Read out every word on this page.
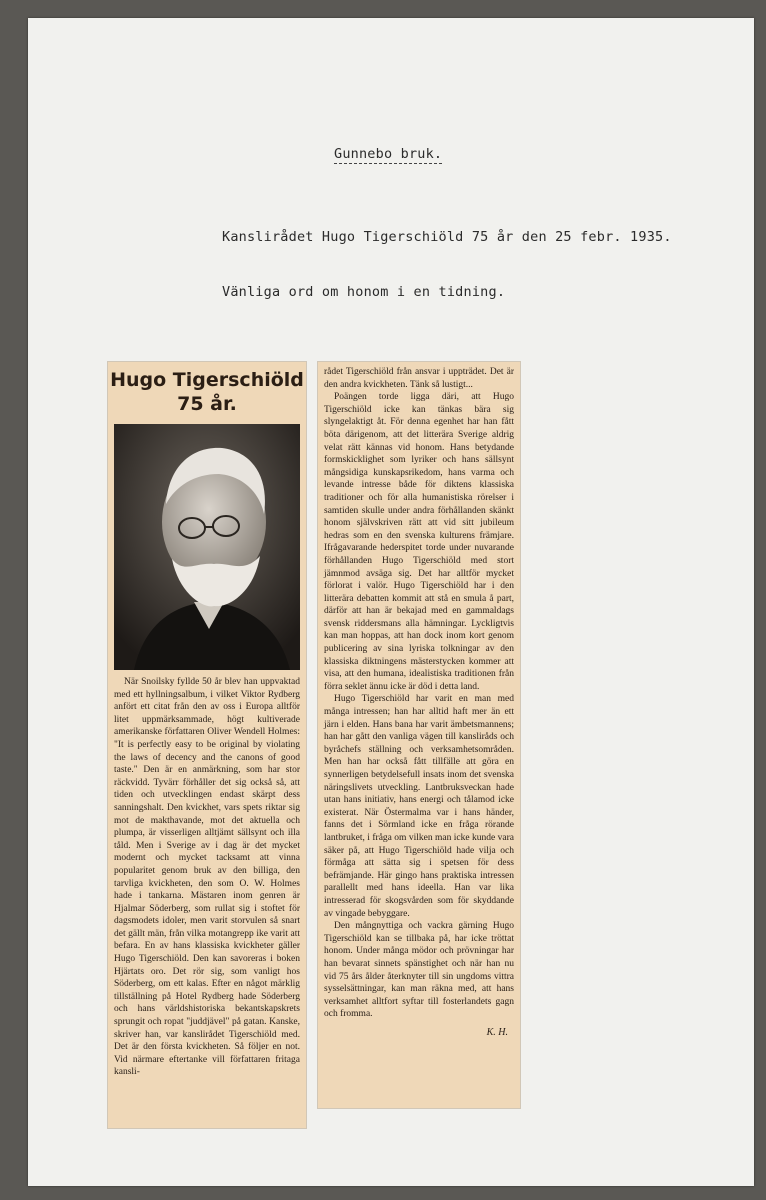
Gunnebo bruk.
Kanslirådet Hugo Tigerschiöld 75 år den 25 febr. 1935.
Vänliga ord om honom i en tidning.
Hugo Tigerschiöld
75 år.

När Snoilsky fyllde 50 år blev han uppvaktad med ett hyllningsalbum, i vilket Viktor Rydberg anfört ett citat från den av oss i Europa alltför litet uppmärksammade, högt kultiverade amerikanske författaren Oliver Wendell Holmes: "It is perfectly easy to be original by violating the laws of decency and the canons of good taste." Den är en anmärkning, som har stor räckvidd. Tyvärr förhåller det sig också så, att tiden och utvecklingen endast skärpt dess sanningshalt. Den kvickhet, vars spets riktar sig mot de makthavande, mot det aktuella och plumpa, är visserligen alltjämt sällsynt och illa tåld. Men i Sverige av i dag är det mycket modernt och mycket tacksamt att vinna popularitet genom bruk av den billiga, den tarvliga kvickheten, den som O. W. Holmes hade i tankarna. Mästaren inom genren är Hjalmar Söderberg, som rullat sig i stoftet för dagsmodets idoler, men varit storvulen så snart det gällt män, från vilka motangrepp ike varit att befara. En av hans klassiska kvickheter gäller Hugo Tigerschiöld. Den kan savoreras i boken Hjärtats oro. Det rör sig, som vanligt hos Söderberg, om ett kalas. Efter en något märklig tillställning på Hotel Rydberg hade Söderberg och hans världshistoriska bekantskapskrets sprungit och ropat "juddjävel" på gatan. Kanske, skriver han, var kanslirådet Tigerschiöld med. Det är den första kvickheten. Så följer en not. Vid närmare eftertanke vill författaren fritaga kansli-

rådet Tigerschiöld från ansvar i uppträdet. Det är den andra kvickheten. Tänk så lustigt...

Poängen torde ligga däri, att Hugo Tigerschiöld icke kan tänkas bära sig slyngelaktigt åt. För denna egenhet har han fått böta därigenom, att det litterära Sverige aldrig velat rätt kännas vid honom. Hans betydande formskicklighet som lyriker och hans sällsynt mångsidiga kunskapsrikedom, hans varma och levande intresse både för diktens klassiska traditioner och för alla humanistiska rörelser i samtiden skulle under andra förhållanden skänkt honom självskriven rätt att vid sitt jubileum hedras som en den svenska kulturens främjare. Ifrågavarande hederspitet torde under nuvarande förhållanden Hugo Tigerschiöld med stort jämnmod avsäga sig. Det har alltför mycket förlorat i valör. Hugo Tigerschiöld har i den litterära debatten kommit att stå en smula å part, därför att han är bekajad med en gammaldags svensk riddersmans alla hämningar. Lyckligtvis kan man hoppas, att han dock inom kort genom publicering av sina lyriska tolkningar av den klassiska diktningens mästerstycken kommer att visa, att den humana, idealistiska traditionen från förra seklet ännu icke är död i detta land.

Hugo Tigerschiöld har varit en man med många intressen; han har alltid haft mer än ett järn i elden. Hans bana har varit ämbetsmannens; han har gått den vanliga vägen till kansliråds och byråchefs ställning och verksamhetsområden. Men han har också fått tillfälle att göra en synnerligen betydelsefull insats inom det svenska näringslivets utveckling. Lantbruksveckan hade utan hans initiativ, hans energi och tålamod icke existerat. När Östermalma var i hans händer, fanns det i Sörmland icke en fråga rörande lantbruket, i fråga om vilken man icke kunde vara säker på, att Hugo Tigerschiöld hade vilja och förmåga att sätta sig i spetsen för dess befrämjande. Här gingo hans praktiska intressen parallellt med hans ideella. Han var lika intresserad för skogsvården som för skyddande av vingade bebyggare.

Den mångnyttiga och vackra gärning Hugo Tigerschiöld kan se tillbaka på, har icke tröttat honom. Under många mödor och prövningar har han bevarat sinnets spänstighet och när han nu vid 75 års ålder återknyter till sin ungdoms vittra sysselsättningar, kan man räkna med, att hans verksamhet alltfort syftar till fosterlandets gagn och fromma.

K. H.
